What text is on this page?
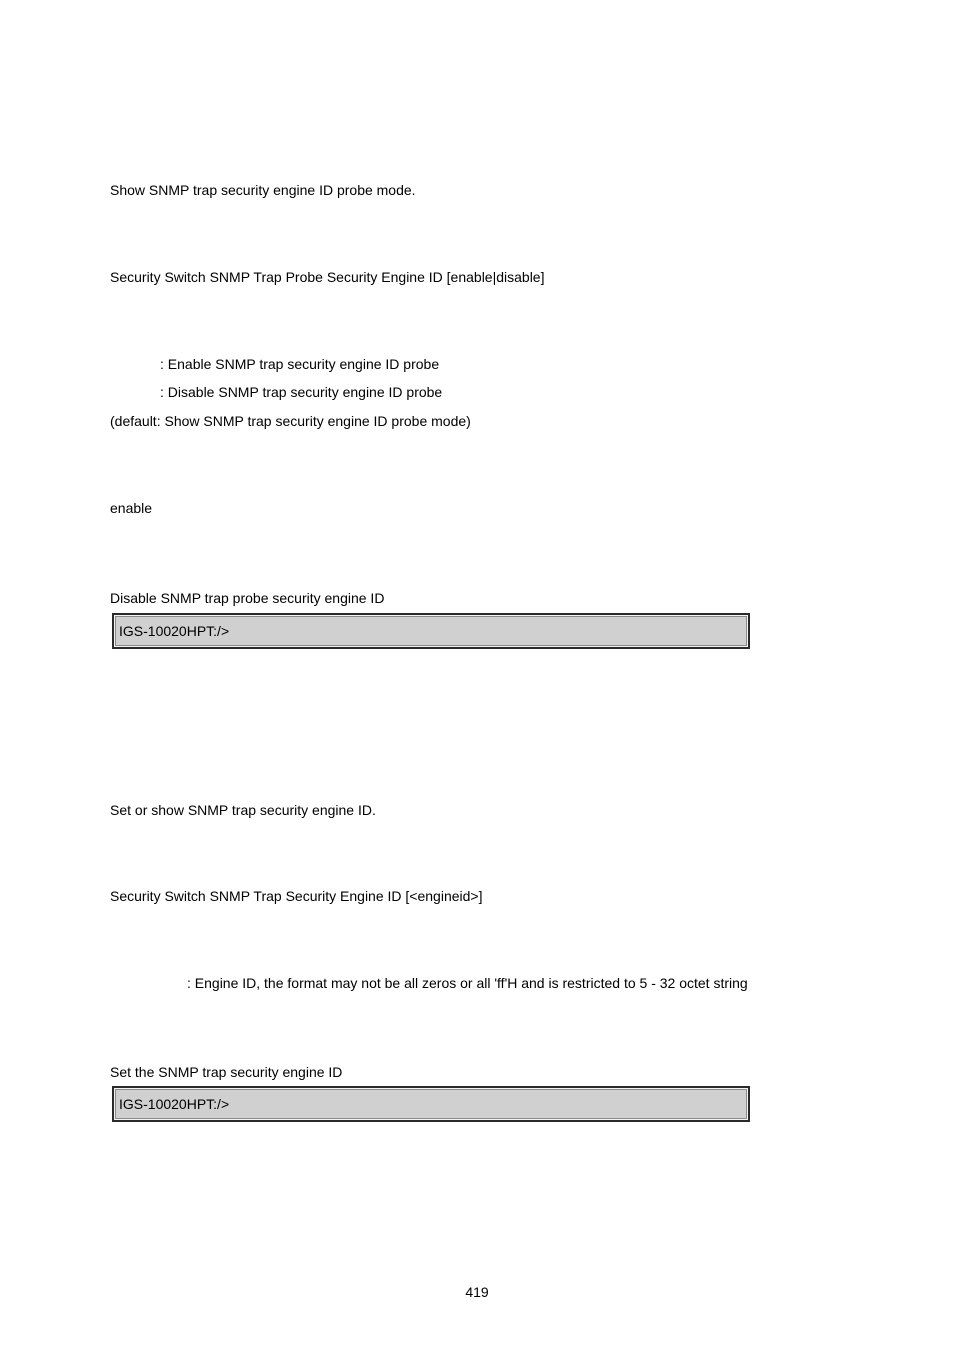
Show SNMP trap security engine ID probe mode.
Security Switch SNMP Trap Probe Security Engine ID [enable|disable]
: Enable SNMP trap security engine ID probe
: Disable SNMP trap security engine ID probe
(default: Show SNMP trap security engine ID probe mode)
enable
Disable SNMP trap probe security engine ID
IGS-10020HPT:/>
Set or show SNMP trap security engine ID.
Security Switch SNMP Trap Security Engine ID [<engineid>]
: Engine ID, the format may not be all zeros or all 'ff'H and is restricted to 5 - 32 octet string
Set the SNMP trap security engine ID
IGS-10020HPT:/>
419
